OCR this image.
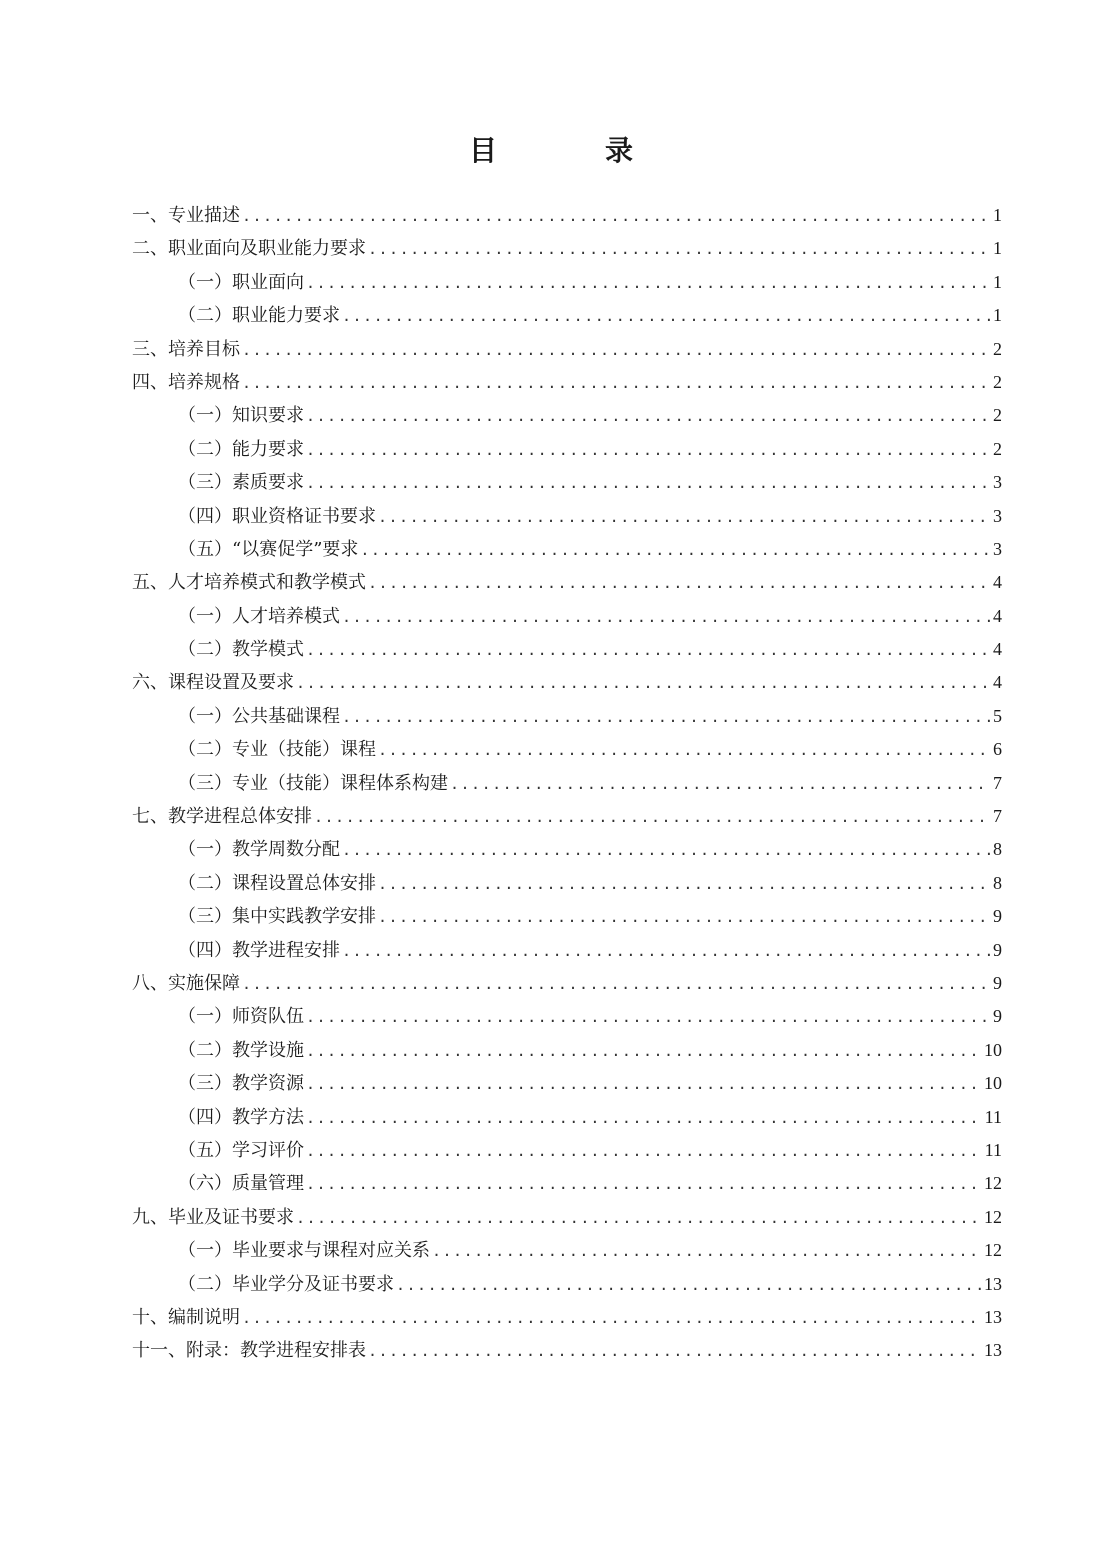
目　录
一、专业描述 .....	1
二、职业面向及职业能力要求 .....	1
（一）职业面向 .....	1
（二）职业能力要求 .....	1
三、培养目标 .....	2
四、培养规格 .....	2
（一）知识要求 .....	2
（二）能力要求 .....	2
（三）素质要求 .....	3
（四）职业资格证书要求 .....	3
（五）“以赛促学”要求 .....	3
五、人才培养模式和教学模式 .....	4
（一）人才培养模式 .....	4
（二）教学模式 .....	4
六、课程设置及要求 .....	4
（一）公共基础课程 .....	5
（二）专业（技能）课程 .....	6
（三）专业（技能）课程体系构建 .....	7
七、教学进程总体安排 .....	7
（一）教学周数分配 .....	8
（二）课程设置总体安排 .....	8
（三）集中实践教学安排 .....	9
（四）教学进程安排 .....	9
八、实施保障 .....	9
（一）师资队伍 .....	9
（二）教学设施 .....	10
（三）教学资源 .....	10
（四）教学方法 .....	11
（五）学习评价 .....	11
（六）质量管理 .....	12
九、毕业及证书要求 .....	12
（一）毕业要求与课程对应关系 .....	12
（二）毕业学分及证书要求 .....	13
十、编制说明 .....	13
十一、附录：教学进程安排表 .....	13
